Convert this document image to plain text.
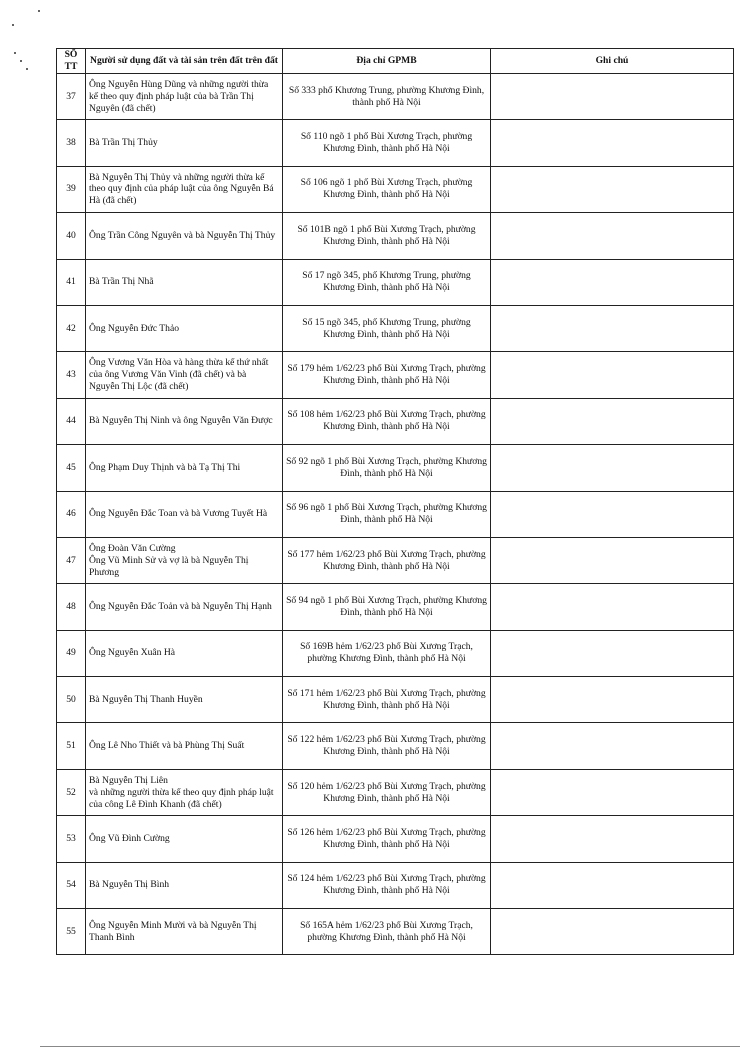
SỐ TT	Người sử dụng đất và tài sản trên đất trên đất	Địa chỉ GPMB	Ghi chú
37	Ông Nguyễn Hùng Dũng và những người thừa kế theo quy định pháp luật của bà Trần Thị Nguyên (đã chết)	Số 333 phố Khương Trung, phường Khương Đình, thành phố Hà Nội	
38	Bà Trần Thị Thủy	Số 110 ngõ 1 phố Bùi Xương Trạch, phường Khương Đình, thành phố Hà Nội	
39	Bà Nguyễn Thị Thủy và những người thừa kế theo quy định của pháp luật của ông Nguyễn Bá Hà (đã chết)	Số 106 ngõ 1 phố Bùi Xương Trạch, phường Khương Đình, thành phố Hà Nội	
40	Ông Trần Công Nguyên và bà Nguyễn Thị Thủy	Số 101B ngõ 1 phố Bùi Xương Trạch, phường Khương Đình, thành phố Hà Nội	
41	Bà Trần Thị Nhã	Số 17 ngõ 345, phố Khương Trung, phường Khương Đình, thành phố Hà Nội	
42	Ông Nguyễn Đức Thảo	Số 15 ngõ 345, phố Khương Trung, phường Khương Đình, thành phố Hà Nội	
43	Ông Vương Văn Hòa và hàng thừa kế thứ nhất của ông Vương Văn Vinh (đã chết) và bà Nguyễn Thị Lộc (đã chết)	Số 179 hẻm 1/62/23 phố Bùi Xương Trạch, phường Khương Đình, thành phố Hà Nội	
44	Bà Nguyễn Thị Ninh và ông Nguyễn Văn Được	Số 108 hẻm 1/62/23 phố Bùi Xương Trạch, phường Khương Đình, thành phố Hà Nội	
45	Ông Phạm Duy Thịnh và bà Tạ Thị Thi	Số 92 ngõ 1 phố Bùi Xương Trạch, phường Khương Đình, thành phố Hà Nội	
46	Ông Nguyễn Đắc Toan và bà Vương Tuyết Hà	Số 96 ngõ 1 phố Bùi Xương Trạch, phường Khương Đình, thành phố Hà Nội	
47	Ông Đoàn Văn Cường
Ông Vũ Minh Sử và vợ là bà Nguyễn Thị Phương	Số 177 hẻm 1/62/23 phố Bùi Xương Trạch, phường Khương Đình, thành phố Hà Nội	
48	Ông Nguyễn Đắc Toản và bà Nguyễn Thị Hạnh	Số 94 ngõ 1 phố Bùi Xương Trạch, phường Khương Đình, thành phố Hà Nội	
49	Ông Nguyễn Xuân Hà	Số 169B hẻm 1/62/23 phố Bùi Xương Trạch, phường Khương Đình, thành phố Hà Nội	
50	Bà Nguyễn Thị Thanh Huyền	Số 171 hẻm 1/62/23 phố Bùi Xương Trạch, phường Khương Đình, thành phố Hà Nội	
51	Ông Lê Nho Thiết và bà Phùng Thị Suất	Số 122 hẻm 1/62/23 phố Bùi Xương Trạch, phường Khương Đình, thành phố Hà Nội	
52	Bà Nguyễn Thị Liên
và những người thừa kế theo quy định pháp luật của công Lê Đình Khanh (đã chết)	Số 120 hẻm 1/62/23 phố Bùi Xương Trạch, phường Khương Đình, thành phố Hà Nội	
53	Ông Vũ Đình Cường	Số 126 hẻm 1/62/23 phố Bùi Xương Trạch, phường Khương Đình, thành phố Hà Nội	
54	Bà Nguyễn Thị Bình	Số 124 hẻm 1/62/23 phố Bùi Xương Trạch, phường Khương Đình, thành phố Hà Nội	
55	Ông Nguyễn Minh Mười và bà Nguyễn Thị Thanh Bình	Số 165A hẻm 1/62/23 phố Bùi Xương Trạch, phường Khương Đình, thành phố Hà Nội	
